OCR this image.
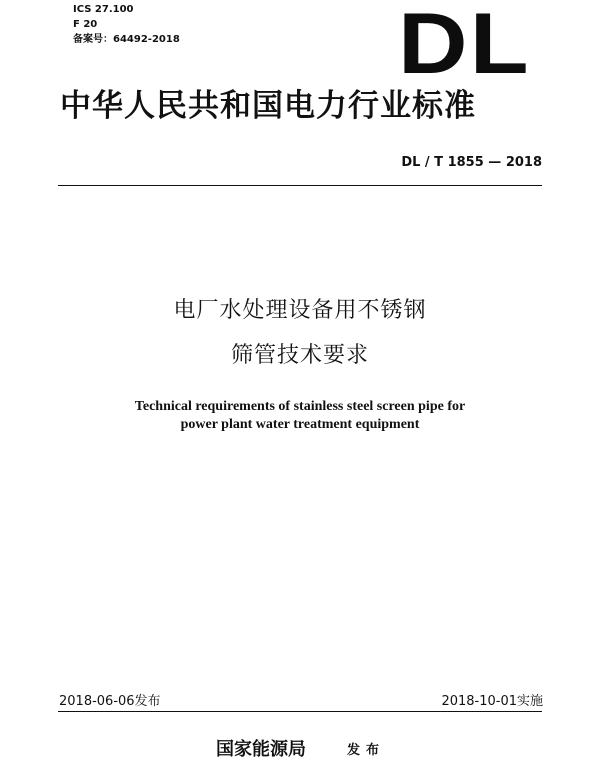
ICS 27.100
F 20
备案号：64492-2018	DL
中华人民共和国电力行业标准
DL / T 1855 — 2018
电厂水处理设备用不锈钢
筛管技术要求
Technical requirements of stainless steel screen pipe for
power plant water treatment equipment
2018-06-06发布	2018-10-01实施
国家能源局	发布
